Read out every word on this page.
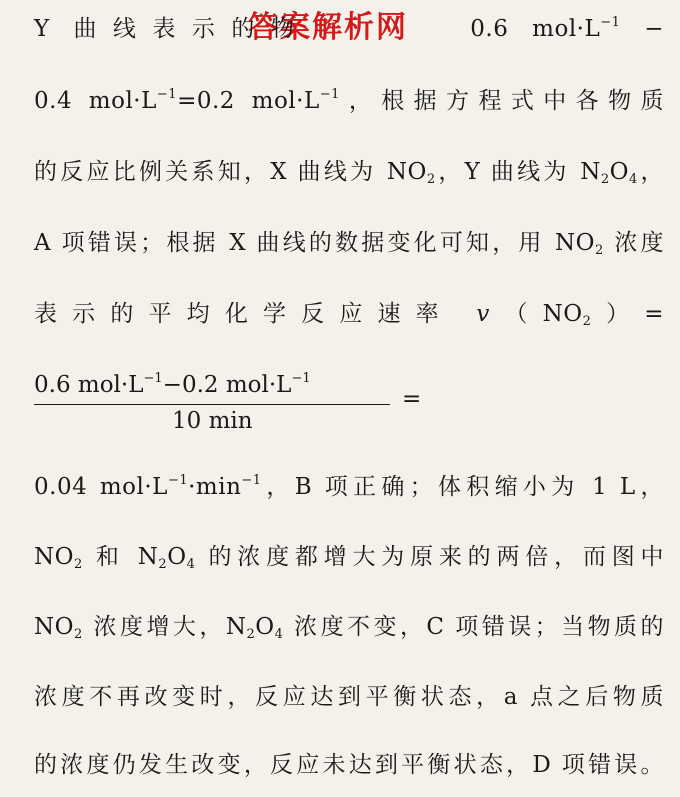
答案解析网
Y 曲线表示的物	0.6 $mol\cdot L^{-1}$ −
0.4 $mol\cdot L^{-1}=0.2$ $mol\cdot L^{-1}$，根据方程式中各物质
的反应比例关系知，X 曲线为 $NO_2$，Y 曲线为 $N_2O_4$，
A 项错误；根据 X 曲线的数据变化可知，用 $NO_2$ 浓度
表示的平均化学反应速率 $v(NO_2)=$
0.6 $mol\cdot L^{-1}-0.2$ $mol\cdot L^{-1}$
10 min
=
0.04 $mol\cdot L^{-1}\cdot\min^{-1}$，B 项正确；体积缩小为 1 L，
$NO_2$ 和 $N_2O_4$ 的浓度都增大为原来的两倍，而图中
$NO_2$ 浓度增大，$N_2O_4$ 浓度不变，C 项错误；当物质的
浓度不再改变时，反应达到平衡状态，a 点之后物质
的浓度仍发生改变，反应未达到平衡状态，D 项错误。
